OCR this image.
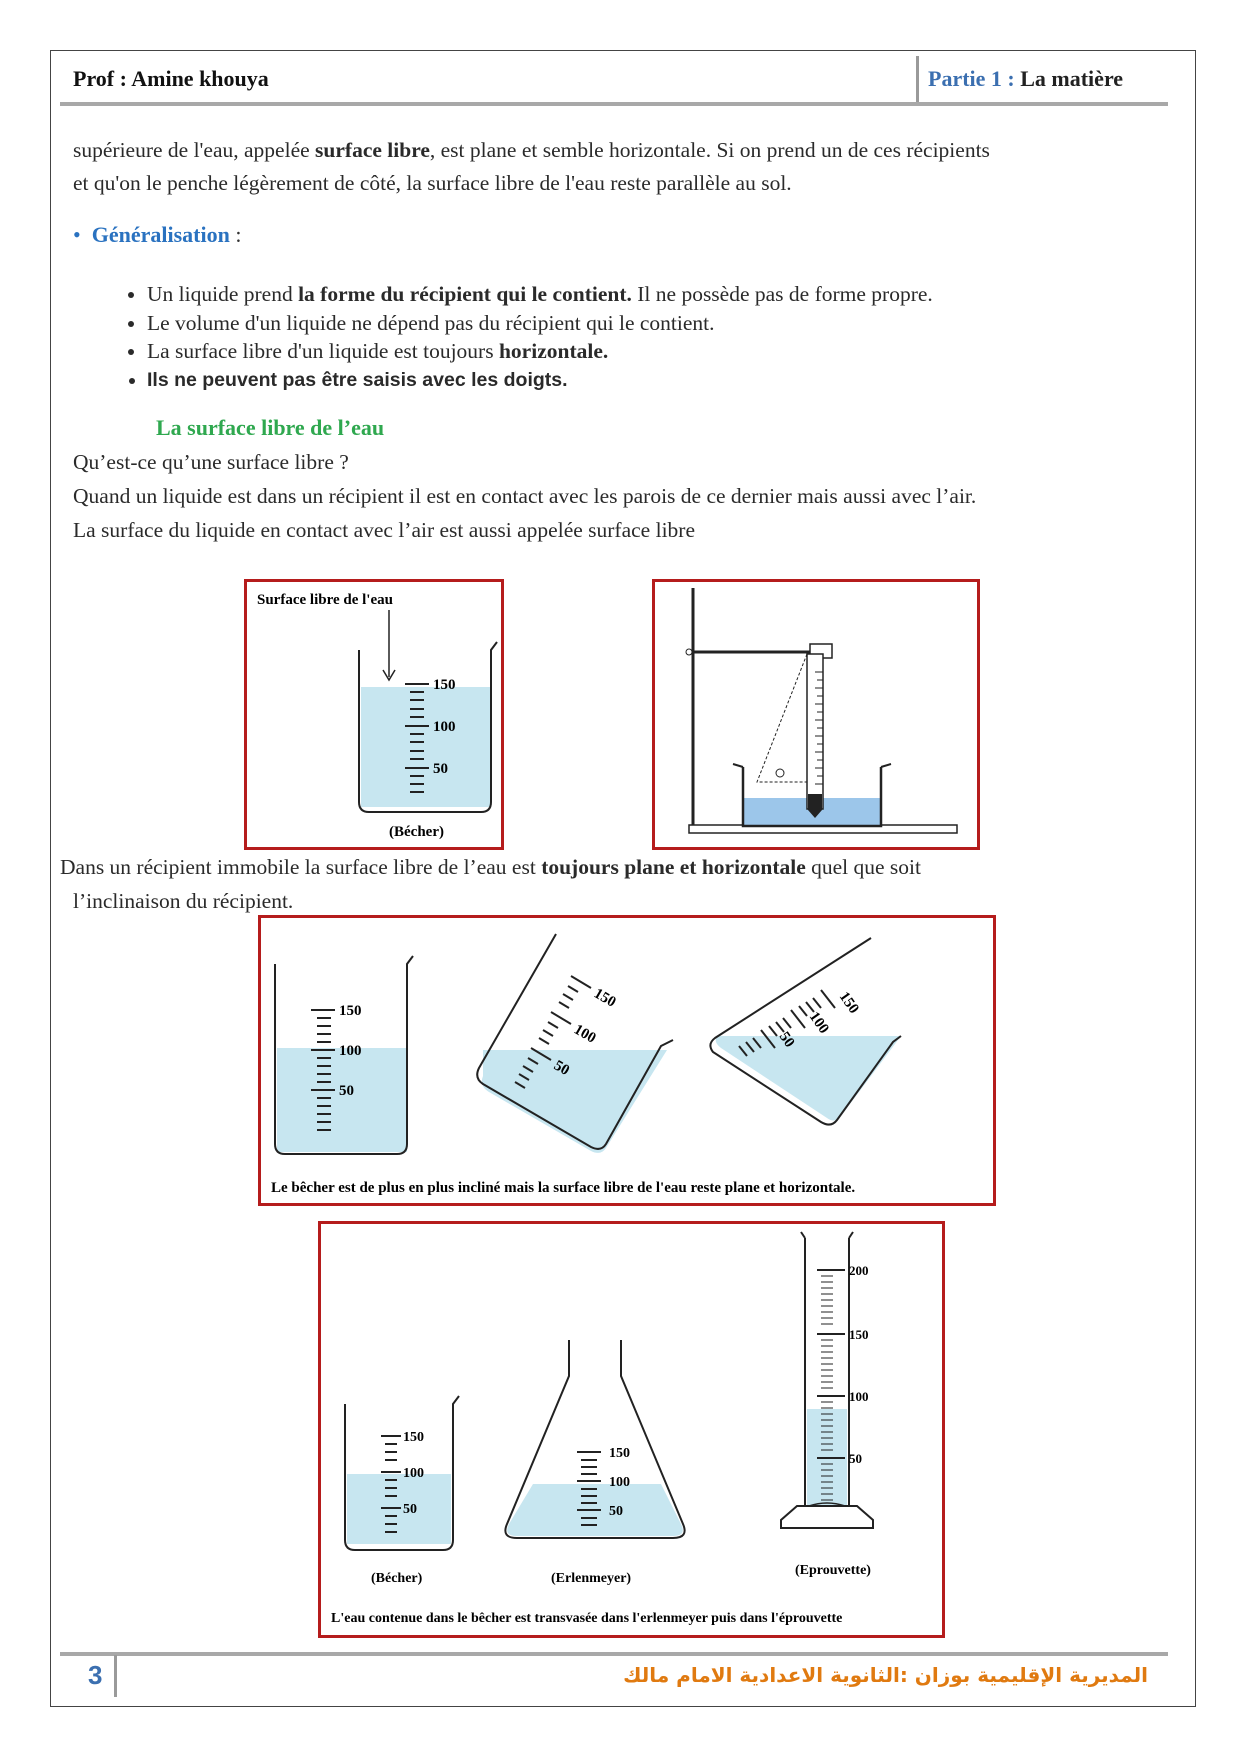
Prof : Amine khouya	Partie 1 : La matière
supérieure de l'eau, appelée surface libre, est plane et semble horizontale. Si on prend un de ces récipients
et qu'on le penche légèrement de côté, la surface libre de l'eau reste parallèle au sol.
• Généralisation :
• Un liquide prend la forme du récipient qui le contient. Il ne possède pas de forme propre.
• Le volume d'un liquide ne dépend pas du récipient qui le contient.
• La surface libre d'un liquide est toujours horizontale.
• Ils ne peuvent pas être saisis avec les doigts.
La surface libre de l’eau
Qu’est-ce qu’une surface libre ?
Quand un liquide est dans un récipient il est en contact avec les parois de ce dernier mais aussi avec l’air.
La surface du liquide en contact avec l’air est aussi appelée surface libre
Surface libre de l'eau
150
100
50
(Bécher)
Dans un récipient immobile la surface libre de l’eau est toujours plane et horizontale quel que soit
l’inclinaison du récipient.
150
100
50
150
100
50
150
100
50
Le bêcher est de plus en plus incliné mais la surface libre de l'eau reste plane et horizontale.
150
100
50
(Bécher)
150
100
50
(Erlenmeyer)
200
150
100
50
(Eprouvette)
L'eau contenue dans le bêcher est transvasée dans l'erlenmeyer puis dans l'éprouvette
3	المديرية الإقليمية بوزان :الثانوية الاعدادية الامام مالك
